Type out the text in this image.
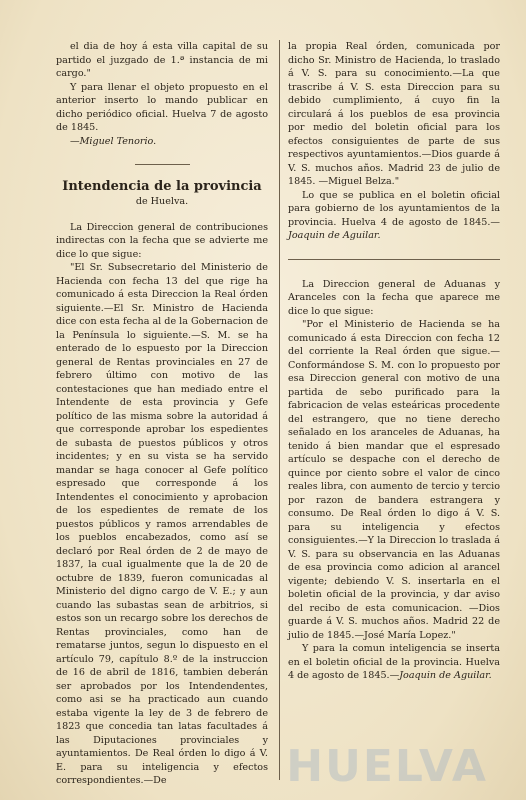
el dia de hoy á esta villa capital de su partido el juzgado de 1.ª instancia de mi cargo."

Y para llenar el objeto propuesto en el anterior inserto lo mando publicar en dicho periódico oficial. Huelva 7 de agosto de 1845.

—Miguel Tenorio.

Intendencia de la provincia
de Huelva.

La Direccion general de contribuciones indirectas con la fecha que se advierte me dice lo que sigue:

"El Sr. Subsecretario del Ministerio de Hacienda con fecha 13 del que rige ha comunicado á esta Direccion la Real órden siguiente.—El Sr. Ministro de Hacienda dice con esta fecha al de la Gobernacion de la Península lo siguiente.—S. M. se ha enterado de lo espuesto por la Direccion general de Rentas provinciales en 27 de febrero último con motivo de las contestaciones que han mediado entre el Intendente de esta provincia y Gefe político de las misma sobre la autoridad á que corresponde aprobar los espedientes de subasta de puestos públicos y otros incidentes; y en su vista se ha servido mandar se haga conocer al Gefe político espresado que corresponde á los Intendentes el conocimiento y aprobacion de los espedientes de remate de los puestos públicos y ramos arrendables de los pueblos encabezados, como así se declaró por Real órden de 2 de mayo de 1837, la cual igualmente que la de 20 de octubre de 1839, fueron comunicadas al Ministerio del digno cargo de V. E.; y aun cuando las subastas sean de arbitrios, si estos son un recargo sobre los derechos de Rentas provinciales, como han de rematarse juntos, segun lo dispuesto en el artículo 79, capítulo 8.º de la instruccion de 16 de abril de 1816, tambien deberán ser aprobados por los Intendendentes, como asi se ha practicado aun cuando estaba vigente la ley de 3 de febrero de 1823 que concedia tan latas facultades á las Diputaciones provinciales y ayuntamientos. De Real órden lo digo á V. E. para su inteligencia y efectos correspondientes.—De

la propia Real órden, comunicada por dicho Sr. Ministro de Hacienda, lo traslado á V. S. para su conocimiento.—La que trascribe á V. S. esta Direccion para su debido cumplimiento, á cuyo fin la circulará á los pueblos de esa provincia por medio del boletin oficial para los efectos consiguientes de parte de sus respectivos ayuntamientos.—Dios guarde á V. S. muchos años. Madrid 23 de julio de 1845. —Miguel Belza."

Lo que se publica en el boletin oficial para gobierno de los ayuntamientos de la provincia. Huelva 4 de agosto de 1845.—Joaquin de Aguilar.

La Direccion general de Aduanas y Aranceles con la fecha que aparece me dice lo que sigue:

"Por el Ministerio de Hacienda se ha comunicado á esta Direccion con fecha 12 del corriente la Real órden que sigue.—Conformándose S. M. con lo propuesto por esa Direccion general con motivo de una partida de sebo purificado para la fabricacion de velas esteáricas procedente del estrangero, que no tiene derecho señalado en los aranceles de Aduanas, ha tenido á bien mandar que el espresado artículo se despache con el derecho de quince por ciento sobre el valor de cinco reales libra, con aumento de tercio y tercio por razon de bandera estrangera y consumo. De Real órden lo digo á V. S. para su inteligencia y efectos consiguientes.—Y la Direccion lo traslada á V. S. para su observancia en las Aduanas de esa provincia como adicion al arancel vigente; debiendo V. S. insertarla en el boletin oficial de la provincia, y dar aviso del recibo de esta comunicacion. —Dios guarde á V. S. muchos años. Madrid 22 de julio de 1845.—José María Lopez."

Y para la comun inteligencia se inserta en el boletin oficial de la provincia. Huelva 4 de agosto de 1845.—Joaquin de Aguilar.

HUELVA
